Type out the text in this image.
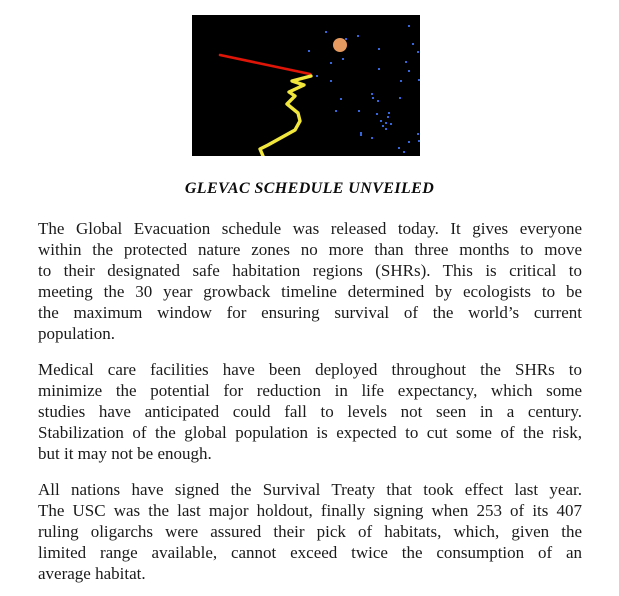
GLEVAC SCHEDULE UNVEILED
The Global Evacuation schedule was released today. It gives everyone
within the protected nature zones no more than three months to move
to their designated safe habitation regions (SHRs). This is critical to
meeting the 30 year growback timeline determined by ecologists to be
the maximum window for ensuring survival of the world’s current
population.
Medical care facilities have been deployed throughout the SHRs to
minimize the potential for reduction in life expectancy, which some
studies have anticipated could fall to levels not seen in a century.
Stabilization of the global population is expected to cut some of the risk,
but it may not be enough.
All nations have signed the Survival Treaty that took effect last year.
The USC was the last major holdout, finally signing when 253 of its 407
ruling oligarchs were assured their pick of habitats, which, given the
limited range available, cannot exceed twice the consumption of an
average habitat.
